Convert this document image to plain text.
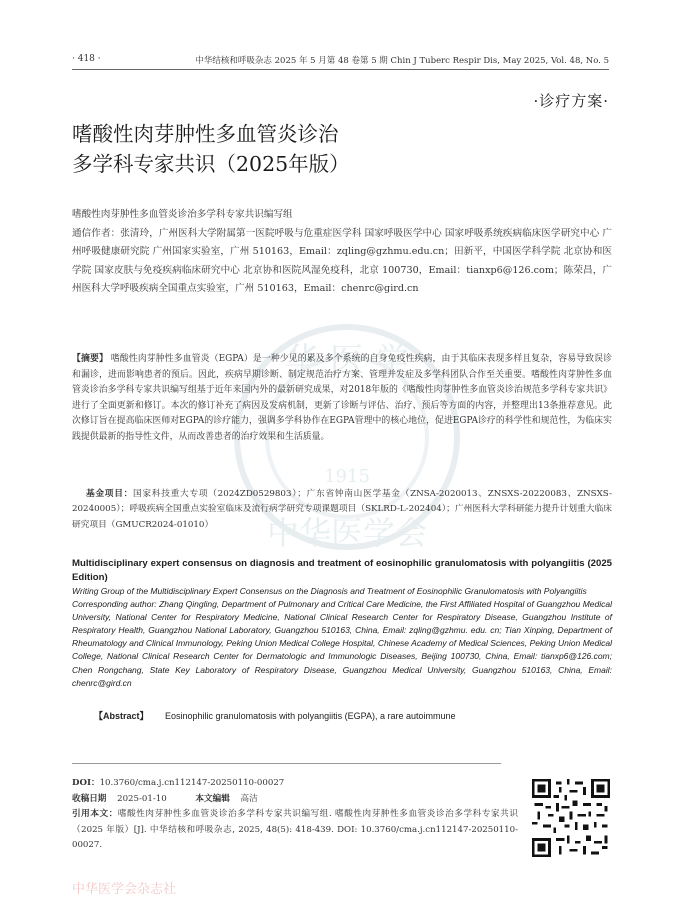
· 418 ·	中华结核和呼吸杂志 2025 年 5 月第 48 卷第 5 期 Chin J Tuberc Respir Dis, May 2025, Vol. 48, No. 5
·诊疗方案·
嗜酸性肉芽肿性多血管炎诊治
多学科专家共识（2025年版）
嗜酸性肉芽肿性多血管炎诊治多学科专家共识编写组
通信作者：张清玲，广州医科大学附属第一医院呼吸与危重症医学科 国家呼吸医学中心 国家呼吸系统疾病临床医学研究中心 广州呼吸健康研究院 广州国家实验室，广州 510163，Email：zqling@gzhmu.edu.cn；田新平，中国医学科学院 北京协和医学院 国家皮肤与免疫疾病临床研究中心 北京协和医院风湿免疫科，北京 100730，Email：tianxp6@126.com；陈荣昌，广州医科大学呼吸疾病全国重点实验室，广州 510163，Email：chenrc@gird.cn
华 医 学
1915
中华医学会
【摘要】 嗜酸性肉芽肿性多血管炎（EGPA）是一种少见的累及多个系统的自身免疫性疾病，由于其临床表现多样且复杂，容易导致误诊和漏诊，进而影响患者的预后。因此，疾病早期诊断、制定规范治疗方案、管理并发症及多学科团队合作至关重要。嗜酸性肉芽肿性多血管炎诊治多学科专家共识编写组基于近年来国内外的最新研究成果，对2018年版的《嗜酸性肉芽肿性多血管炎诊治规范多学科专家共识》进行了全面更新和修订。本次的修订补充了病因及发病机制，更新了诊断与评估、治疗、预后等方面的内容，并整理出13条推荐意见。此次修订旨在提高临床医师对EGPA的诊疗能力，强调多学科协作在EGPA管理中的核心地位，促进EGPA诊疗的科学性和规范性，为临床实践提供最新的指导性文件，从而改善患者的治疗效果和生活质量。
基金项目：国家科技重大专项（2024ZD0529803）；广东省钟南山医学基金（ZNSA-2020013、ZNSXS-20220083、ZNSXS-20240005）；呼吸疾病全国重点实验室临床及流行病学研究专项课题项目（SKLRD-L-202404）；广州医科大学科研能力提升计划重大临床研究项目（GMUCR2024-01010）
Multidisciplinary expert consensus on diagnosis and treatment of eosinophilic granulomatosis with polyangiitis (2025 Edition)
Writing Group of the Multidisciplinary Expert Consensus on the Diagnosis and Treatment of Eosinophilic Granulomatosis with Polyangiitis
Corresponding author: Zhang Qingling, Department of Pulmonary and Critical Care Medicine, the First Affiliated Hospital of Guangzhou Medical University, National Center for Respiratory Medicine, National Clinical Research Center for Respiratory Disease, Guangzhou Institute of Respiratory Health, Guangzhou National Laboratory, Guangzhou 510163, China, Email: zqling@gzhmu. edu. cn; Tian Xinping, Department of Rheumatology and Clinical Immunology, Peking Union Medical College Hospital, Chinese Academy of Medical Sciences, Peking Union Medical College, National Clinical Research Center for Dermatologic and Immunologic Diseases, Beijing 100730, China, Email: tianxp6@126.com; Chen Rongchang, State Key Laboratory of Respiratory Disease, Guangzhou Medical University, Guangzhou 510163, China, Email: chenrc@gird.cn
【Abstract】 Eosinophilic granulomatosis with polyangiitis (EGPA), a rare autoimmune
DOI：10.3760/cma.j.cn112147-20250110-00027
收稿日期 2025-01-10	本文编辑 高洁
引用本文：嗜酸性肉芽肿性多血管炎诊治多学科专家共识编写组. 嗜酸性肉芽肿性多血管炎诊治多学科专家共识（2025 年版）[J]. 中华结核和呼吸杂志, 2025, 48(5): 418-439. DOI: 10.3760/cma.j.cn112147-20250110-00027.
中华医学会杂志社
